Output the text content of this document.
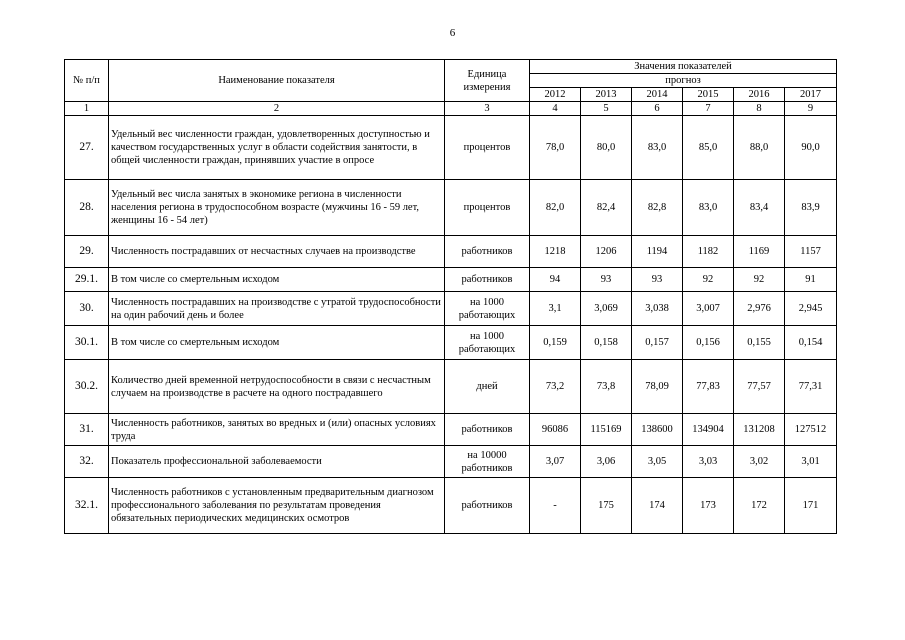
6
№ п/п	Наименование показателя	Единица измерения	Значения показателей					
			прогноз					
			2012	2013	2014	2015	2016	2017
1	2	3	4	5	6	7	8	9
27.	Удельный вес численности граждан, удовлетворенных доступностью и качеством государственных услуг в области содействия занятости, в общей численности граждан, принявших участие в опросе	процентов	78,0	80,0	83,0	85,0	88,0	90,0
28.	Удельный вес числа занятых в экономике региона в численности населения региона в трудоспособном возрасте (мужчины 16 - 59 лет, женщины 16 - 54 лет)	процентов	82,0	82,4	82,8	83,0	83,4	83,9
29.	Численность пострадавших от несчастных случаев на производстве	работников	1218	1206	1194	1182	1169	1157
29.1.	В том числе со смертельным исходом	работников	94	93	93	92	92	91
30.	Численность пострадавших на производстве с утратой трудоспособности на один рабочий день и более	на 1000 работающих	3,1	3,069	3,038	3,007	2,976	2,945
30.1.	В том числе со смертельным исходом	на 1000 работающих	0,159	0,158	0,157	0,156	0,155	0,154
30.2.	Количество дней временной нетрудоспособности в связи с несчастным случаем на производстве в расчете на одного пострадавшего	дней	73,2	73,8	78,09	77,83	77,57	77,31
31.	Численность работников, занятых во вредных и (или) опасных условиях труда	работников	96086	115169	138600	134904	131208	127512
32.	Показатель профессиональной заболеваемости	на 10000 работников	3,07	3,06	3,05	3,03	3,02	3,01
32.1.	Численность работников с установленным предварительным диагнозом профессионального заболевания по результатам проведения обязательных периодических медицинских осмотров	работников	-	175	174	173	172	171
